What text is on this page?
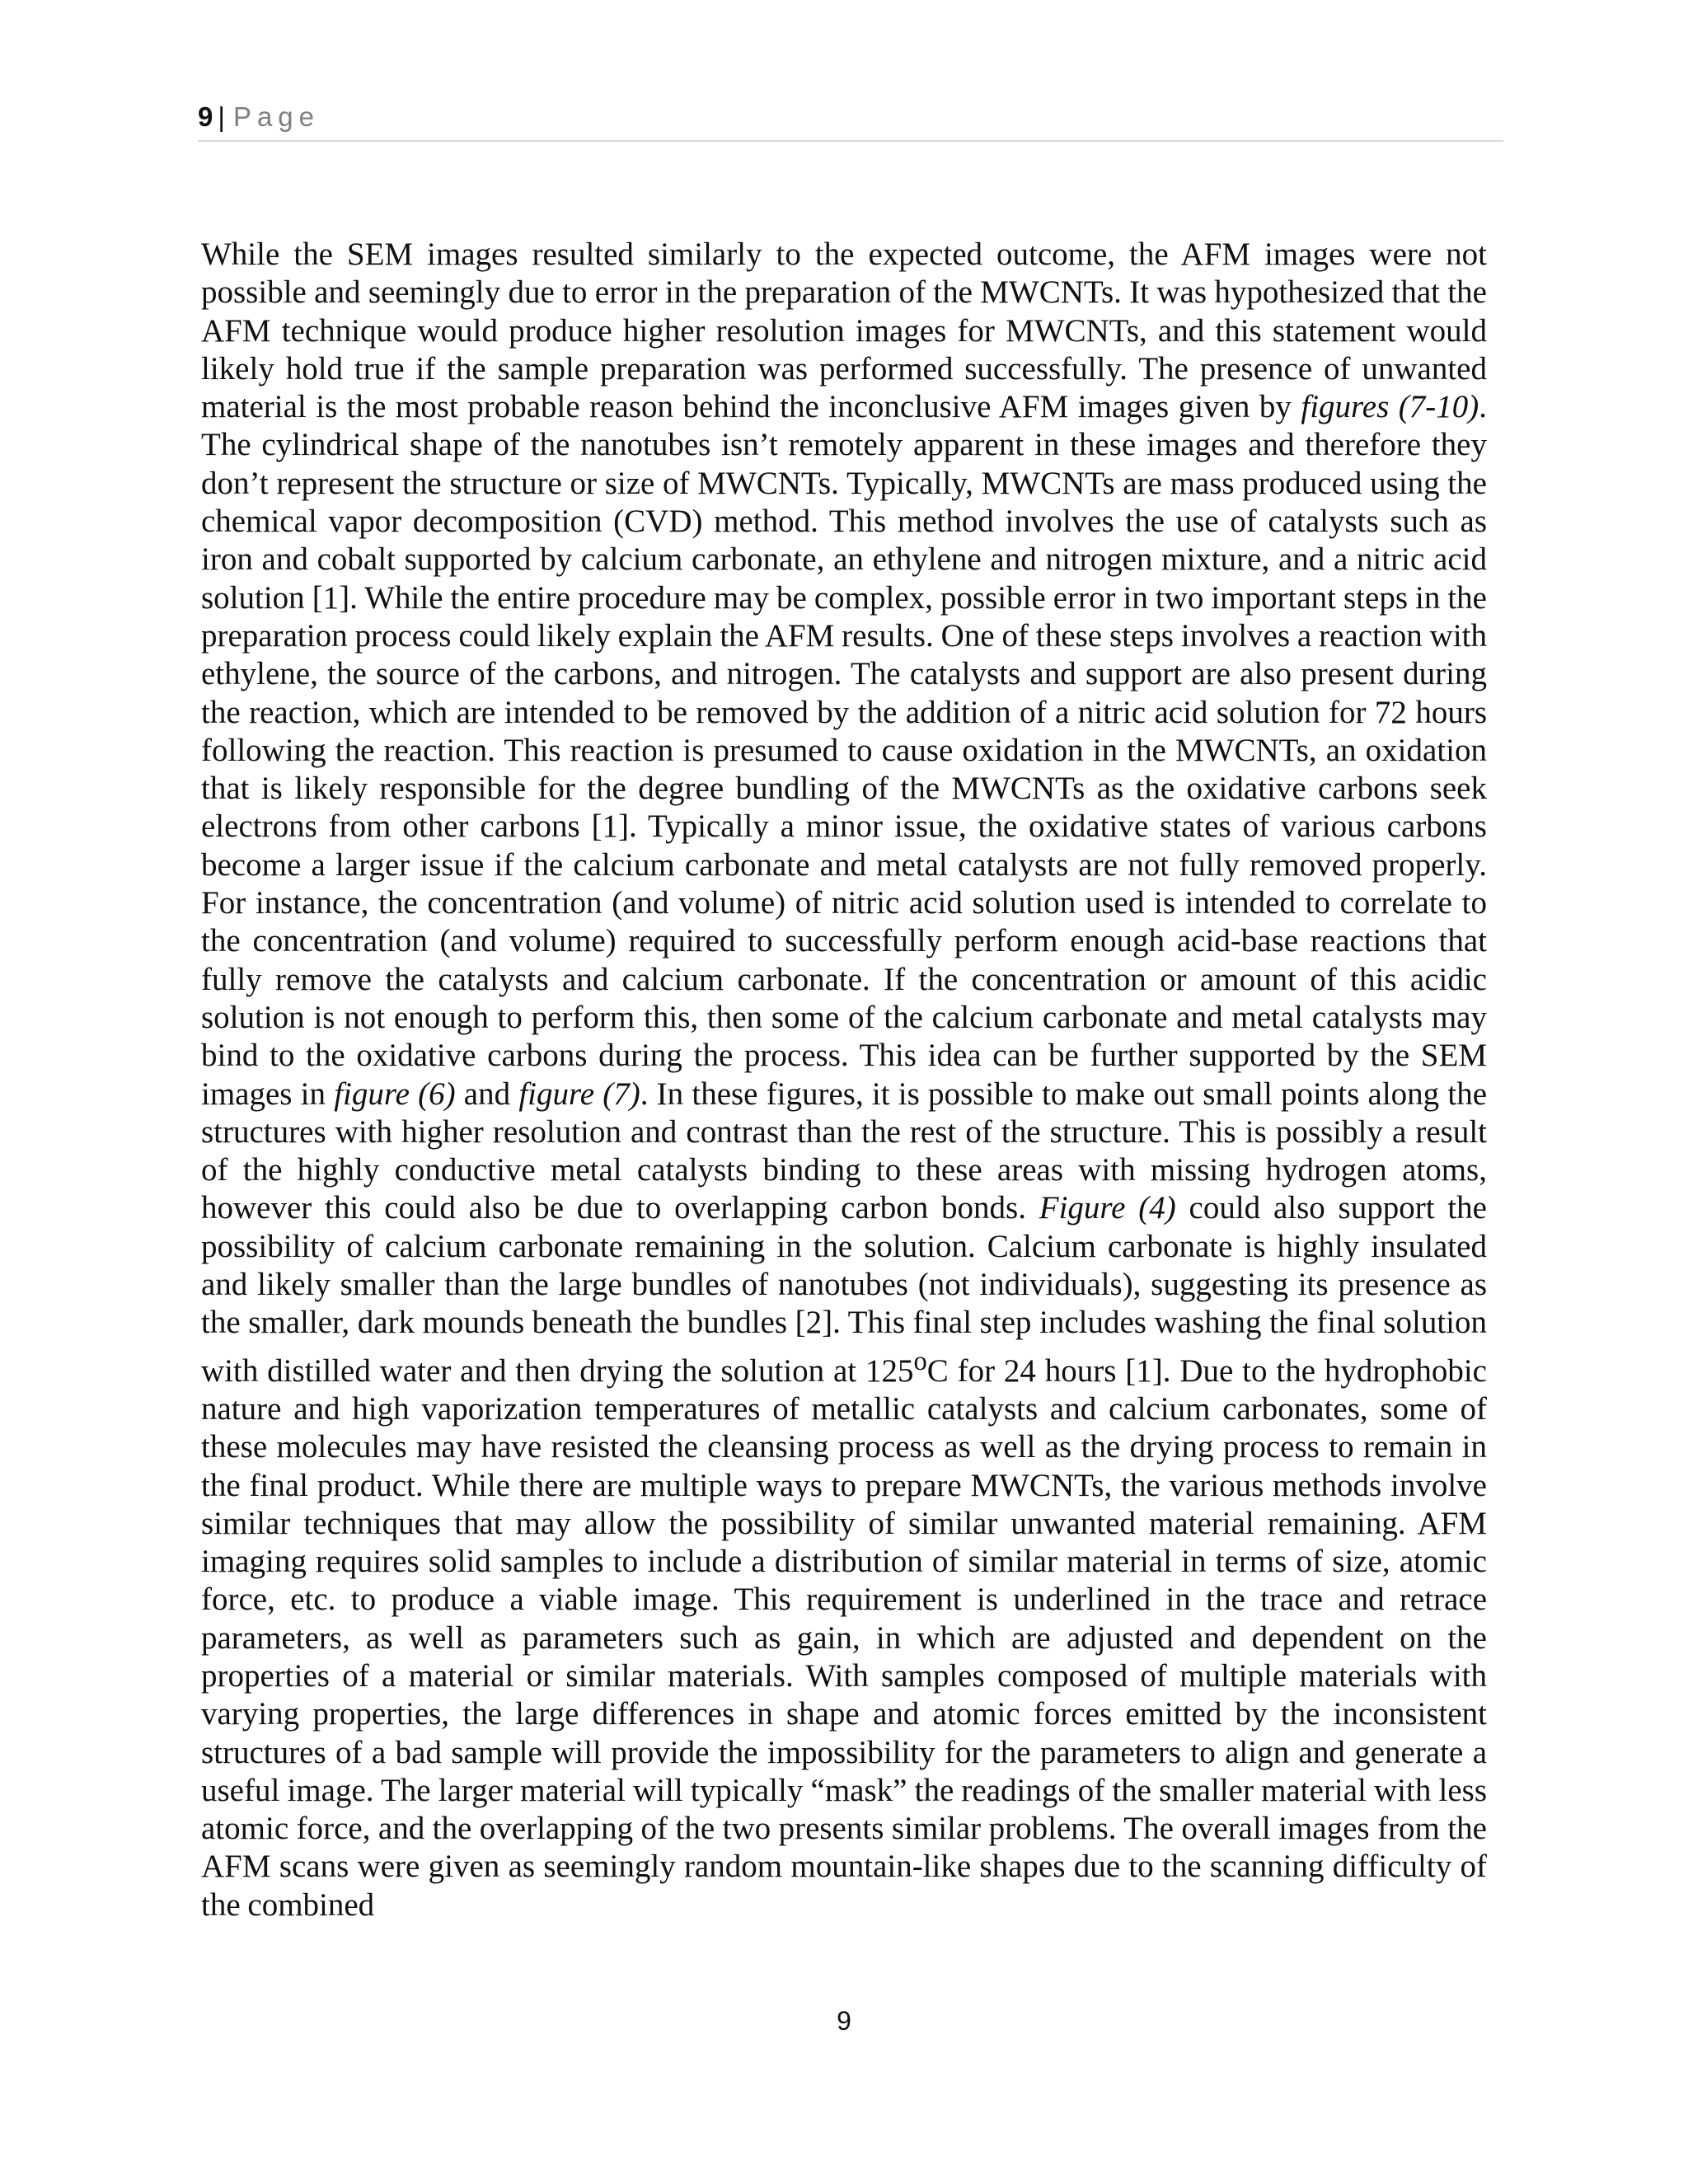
9 | Page

While the SEM images resulted similarly to the expected outcome, the AFM images were not possible and seemingly due to error in the preparation of the MWCNTs. It was hypothesized that the AFM technique would produce higher resolution images for MWCNTs, and this statement would likely hold true if the sample preparation was performed successfully. The presence of unwanted material is the most probable reason behind the inconclusive AFM images given by figures (7-10). The cylindrical shape of the nanotubes isn’t remotely apparent in these images and therefore they don’t represent the structure or size of MWCNTs. Typically, MWCNTs are mass produced using the chemical vapor decomposition (CVD) method. This method involves the use of catalysts such as iron and cobalt supported by calcium carbonate, an ethylene and nitrogen mixture, and a nitric acid solution [1]. While the entire procedure may be complex, possible error in two important steps in the preparation process could likely explain the AFM results. One of these steps involves a reaction with ethylene, the source of the carbons, and nitrogen. The catalysts and support are also present during the reaction, which are intended to be removed by the addition of a nitric acid solution for 72 hours following the reaction. This reaction is presumed to cause oxidation in the MWCNTs, an oxidation that is likely responsible for the degree bundling of the MWCNTs as the oxidative carbons seek electrons from other carbons [1]. Typically a minor issue, the oxidative states of various carbons become a larger issue if the calcium carbonate and metal catalysts are not fully removed properly. For instance, the concentration (and volume) of nitric acid solution used is intended to correlate to the concentration (and volume) required to successfully perform enough acid-base reactions that fully remove the catalysts and calcium carbonate. If the concentration or amount of this acidic solution is not enough to perform this, then some of the calcium carbonate and metal catalysts may bind to the oxidative carbons during the process. This idea can be further supported by the SEM images in figure (6) and figure (7). In these figures, it is possible to make out small points along the structures with higher resolution and contrast than the rest of the structure. This is possibly a result of the highly conductive metal catalysts binding to these areas with missing hydrogen atoms, however this could also be due to overlapping carbon bonds. Figure (4) could also support the possibility of calcium carbonate remaining in the solution. Calcium carbonate is highly insulated and likely smaller than the large bundles of nanotubes (not individuals), suggesting its presence as the smaller, dark mounds beneath the bundles [2]. This final step includes washing the final solution with distilled water and then drying the solution at 125$^o$C for 24 hours [1]. Due to the hydrophobic nature and high vaporization temperatures of metallic catalysts and calcium carbonates, some of these molecules may have resisted the cleansing process as well as the drying process to remain in the final product. While there are multiple ways to prepare MWCNTs, the various methods involve similar techniques that may allow the possibility of similar unwanted material remaining. AFM imaging requires solid samples to include a distribution of similar material in terms of size, atomic force, etc. to produce a viable image. This requirement is underlined in the trace and retrace parameters, as well as parameters such as gain, in which are adjusted and dependent on the properties of a material or similar materials. With samples composed of multiple materials with varying properties, the large differences in shape and atomic forces emitted by the inconsistent structures of a bad sample will provide the impossibility for the parameters to align and generate a useful image. The larger material will typically “mask” the readings of the smaller material with less atomic force, and the overlapping of the two presents similar problems. The overall images from the AFM scans were given as seemingly random mountain-like shapes due to the scanning difficulty of the combined

9
